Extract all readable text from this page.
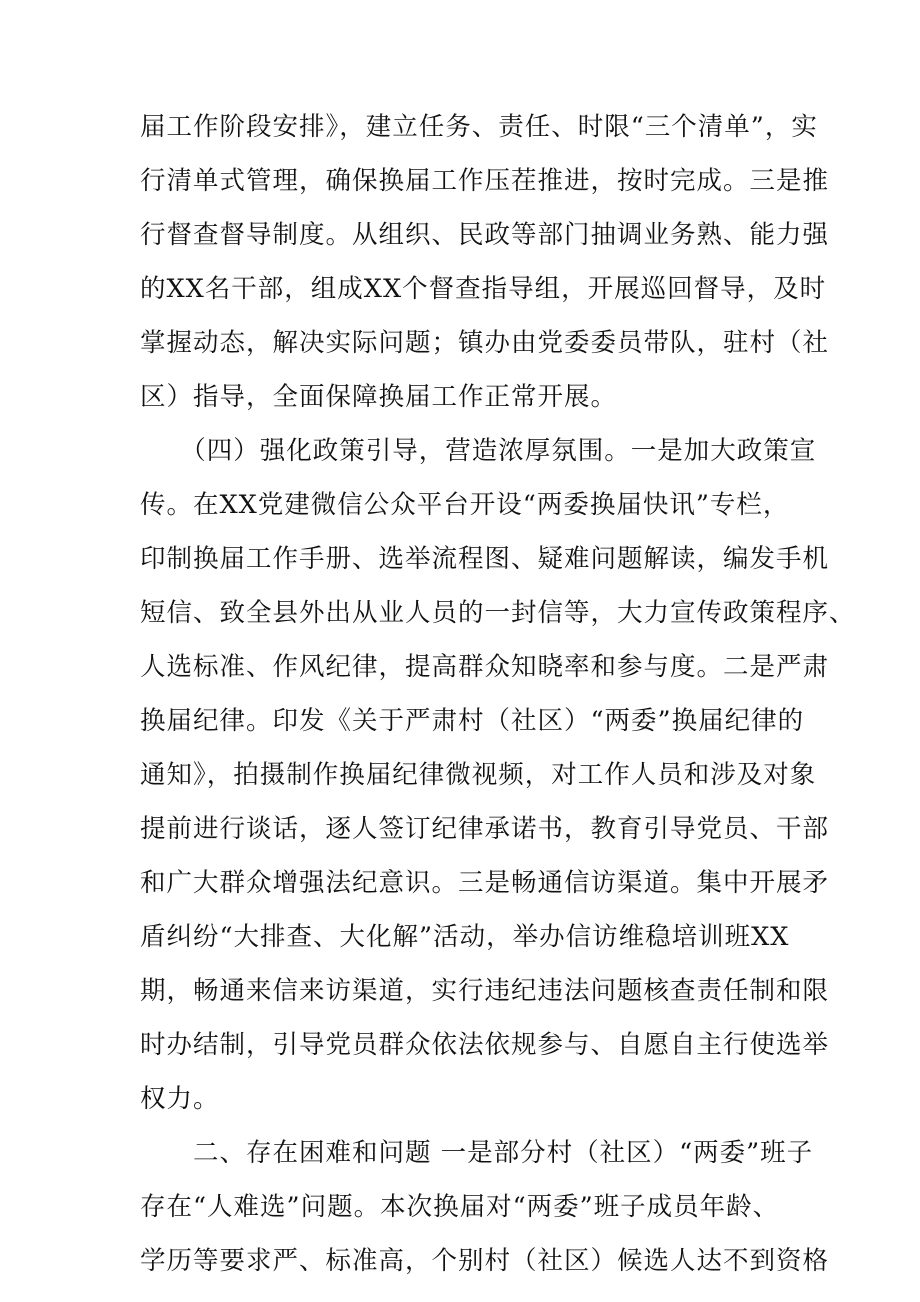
届工作阶段安排》，建立任务、责任、时限“三个清单”，实
行清单式管理，确保换届工作压茬推进，按时完成。三是推
行督查督导制度。从组织、民政等部门抽调业务熟、能力强
的XX名干部，组成XX个督查指导组，开展巡回督导，及时
掌握动态，解决实际问题；镇办由党委委员带队，驻村（社
区）指导，全面保障换届工作正常开展。
　　（四）强化政策引导，营造浓厚氛围。一是加大政策宣
传。在XX党建微信公众平台开设“两委换届快讯”专栏，
印制换届工作手册、选举流程图、疑难问题解读，编发手机
短信、致全县外出从业人员的一封信等，大力宣传政策程序、
人选标准、作风纪律，提高群众知晓率和参与度。二是严肃
换届纪律。印发《关于严肃村（社区）“两委”换届纪律的
通知》，拍摄制作换届纪律微视频，对工作人员和涉及对象
提前进行谈话，逐人签订纪律承诺书，教育引导党员、干部
和广大群众增强法纪意识。三是畅通信访渠道。集中开展矛
盾纠纷“大排查、大化解”活动，举办信访维稳培训班XX
期，畅通来信来访渠道，实行违纪违法问题核查责任制和限
时办结制，引导党员群众依法依规参与、自愿自主行使选举
权力。
　　二、存在困难和问题 一是部分村（社区）“两委”班子
存在“人难选”问题。本次换届对“两委”班子成员年龄、
学历等要求严、标准高，个别村（社区）候选人达不到资格
